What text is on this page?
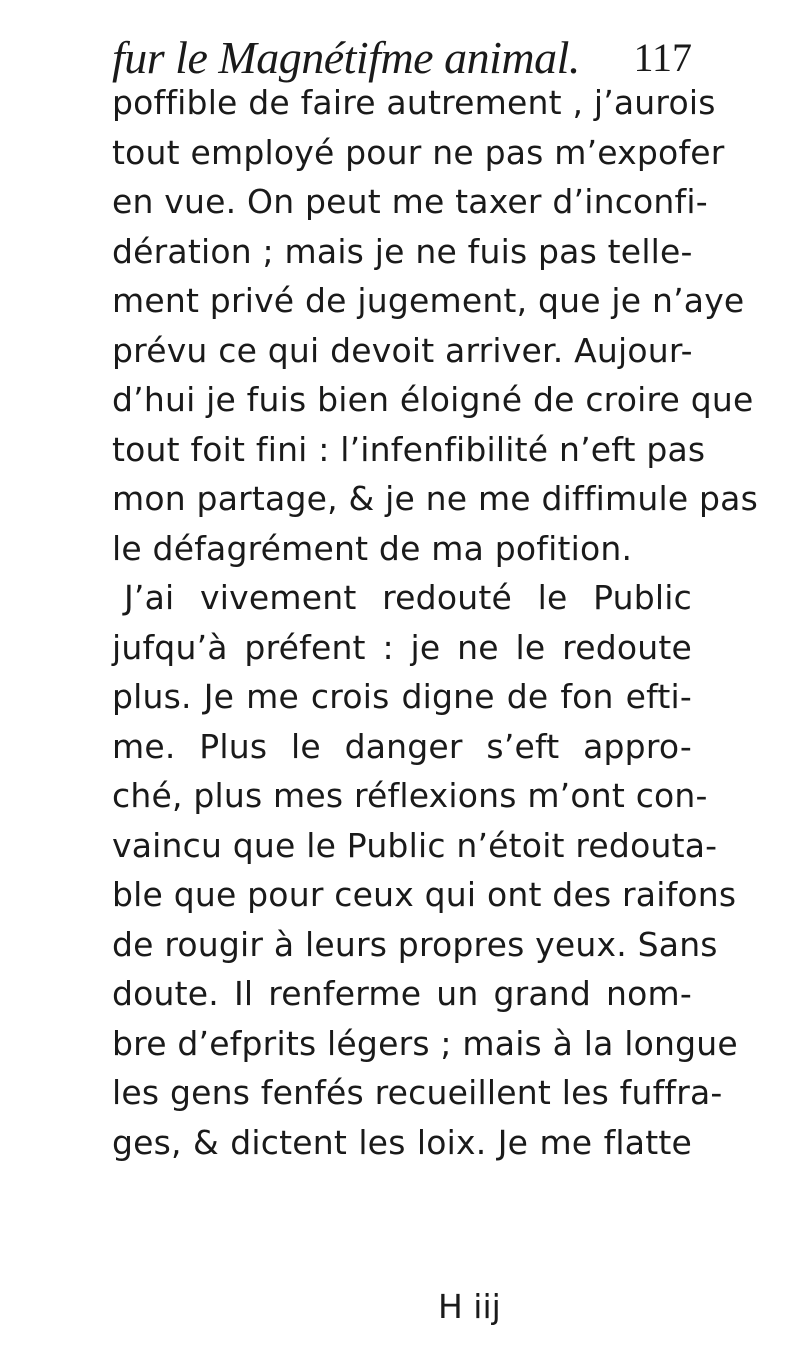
fur le Magnétifme animal. 117
poffible de faire autrement , j’aurois
tout employé pour ne pas m’expofer
en vue. On peut me taxer d’inconfi-
dération ; mais je ne fuis pas telle-
ment privé de jugement, que je n’aye
prévu ce qui devoit arriver. Aujour-
d’hui je fuis bien éloigné de croire que
tout foit fini : l’infenfibilité n’eft pas
mon partage, & je ne me diffimule pas
le défagrément de ma pofition.
J’ai vivement redouté le Public
jufqu’à préfent : je ne le redoute
plus. Je me crois digne de fon efti-
me. Plus le danger s’eft appro-
ché, plus mes réflexions m’ont con-
vaincu que le Public n’étoit redouta-
ble que pour ceux qui ont des raifons
de rougir à leurs propres yeux. Sans
doute. Il renferme un grand nom-
bre d’efprits légers ; mais à la longue
les gens fenfés recueillent les fuffra-
ges, & dictent les loix. Je me flatte
H iij
